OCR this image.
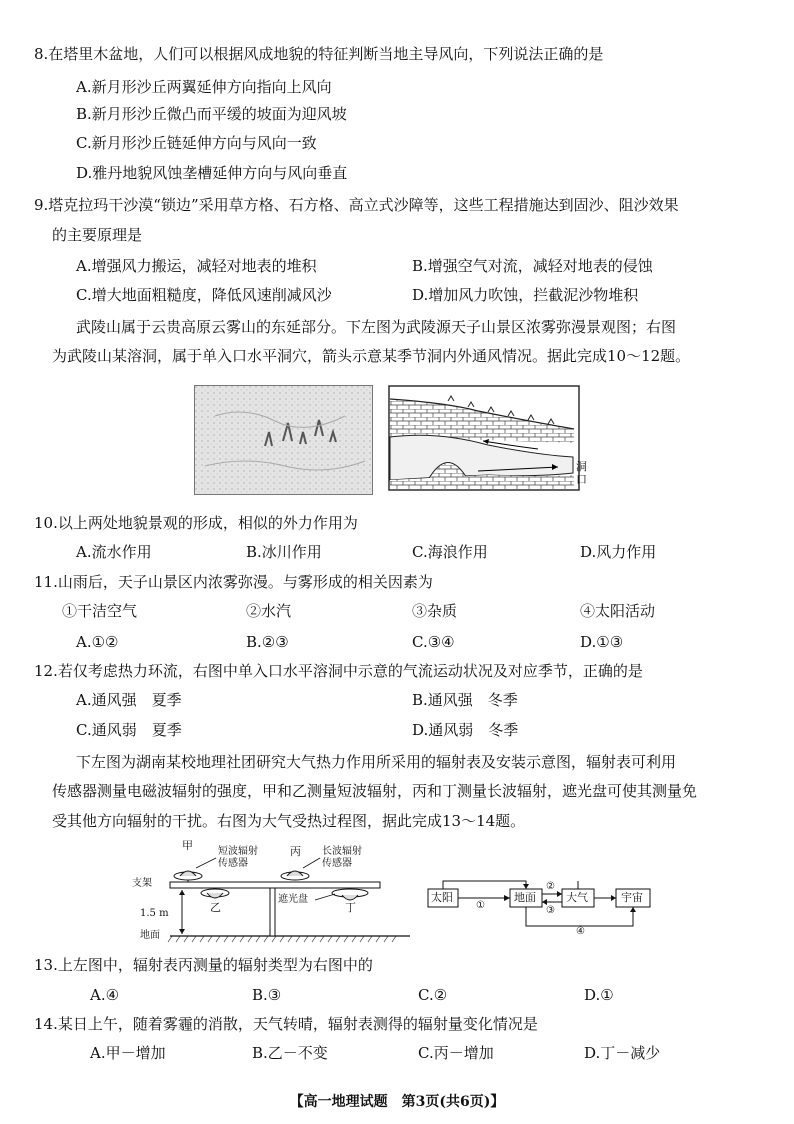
8.在塔里木盆地，人们可以根据风成地貌的特征判断当地主导风向，下列说法正确的是
A.新月形沙丘两翼延伸方向指向上风向
B.新月形沙丘微凸而平缓的坡面为迎风坡
C.新月形沙丘链延伸方向与风向一致
D.雅丹地貌风蚀垄槽延伸方向与风向垂直
9.塔克拉玛干沙漠“锁边”采用草方格、石方格、高立式沙障等，这些工程措施达到固沙、阻沙效果
的主要原理是
A.增强风力搬运，减轻对地表的堆积	B.增强空气对流，减轻对地表的侵蚀
C.增大地面粗糙度，降低风速削减风沙	D.增加风力吹蚀，拦截泥沙物堆积
武陵山属于云贵高原云雾山的东延部分。下左图为武陵源天子山景区浓雾弥漫景观图；右图
为武陵山某溶洞，属于单入口水平洞穴，箭头示意某季节洞内外通风情况。据此完成10～12题。
洞
口
10.以上两处地貌景观的形成，相似的外力作用为
A.流水作用	B.冰川作用	C.海浪作用	D.风力作用
11.山雨后，天子山景区内浓雾弥漫。与雾形成的相关因素为
①干洁空气	②水汽	③杂质	④太阳活动
A.①②	B.②③	C.③④	D.①③
12.若仅考虑热力环流，右图中单入口水平溶洞中示意的气流运动状况及对应季节，正确的是
A.通风强　夏季	B.通风强　冬季
C.通风弱　夏季	D.通风弱　冬季
下左图为湖南某校地理社团研究大气热力作用所采用的辐射表及安装示意图，辐射表可利用
传感器测量电磁波辐射的强度，甲和乙测量短波辐射，丙和丁测量长波辐射，遮光盘可使其测量免
受其他方向辐射的干扰。右图为大气受热过程图，据此完成13～14题。
甲	短波辐射
传感器
丙 长波辐射
传感器
支架
遮光盘
乙	丁
1.5 m
地面
太阳	地面	大气	宇宙
①
②
③
④
13.上左图中，辐射表丙测量的辐射类型为右图中的
A.④	B.③	C.②	D.①
14.某日上午，随着雾霾的消散，天气转晴，辐射表测得的辐射量变化情况是
A.甲－增加	B.乙－不变	C.丙－增加	D.丁－减少
【高一地理试题　第3页(共6页)】
